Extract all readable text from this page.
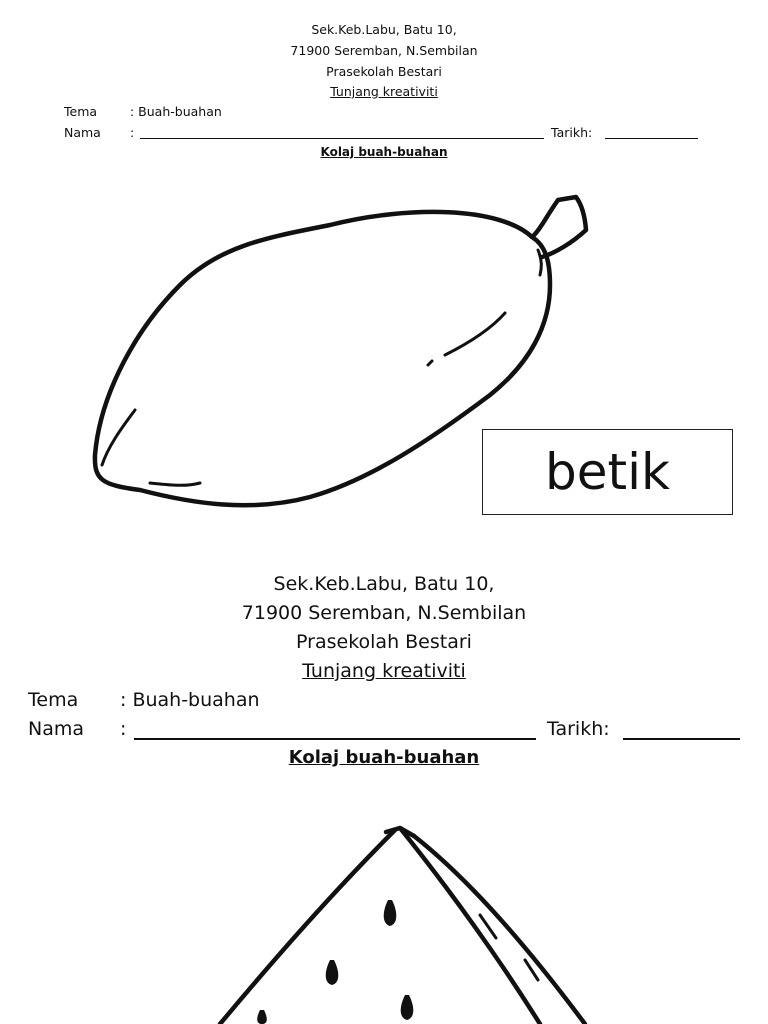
Sek.Keb.Labu, Batu 10,
71900 Seremban, N.Sembilan
Prasekolah Bestari
Tunjang kreativiti
Tema	: Buah-buahan
Nama :	Tarikh:
Kolaj buah-buahan
betik
Sek.Keb.Labu, Batu 10,
71900 Seremban, N.Sembilan
Prasekolah Bestari
Tunjang kreativiti
Tema : Buah-buahan
Nama :	Tarikh:
Kolaj buah-buahan
